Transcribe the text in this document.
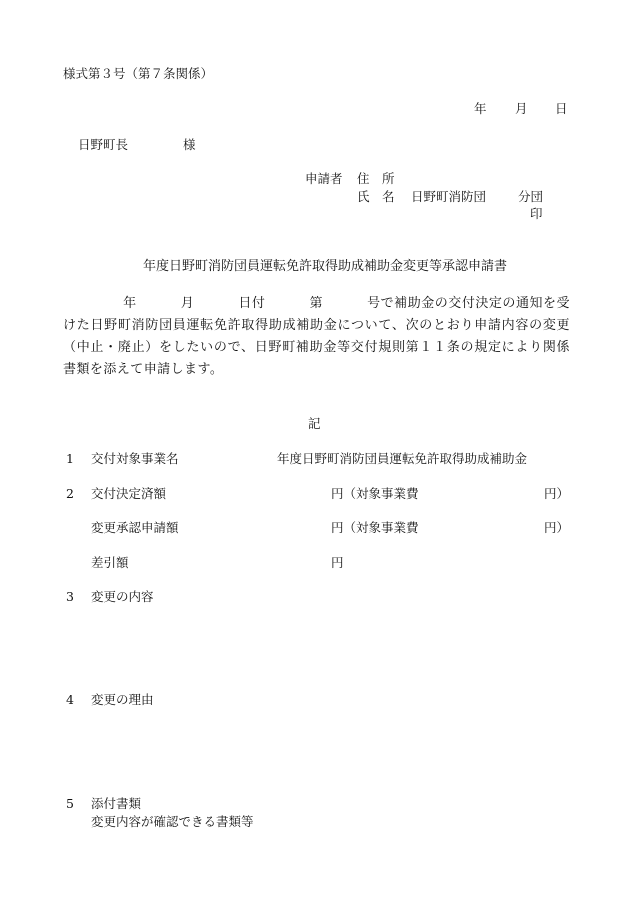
様式第３号（第７条関係）
年 月 日
日野町長	様
申請者 住　所
氏　名 日野町消防団	分団
印
年度日野町消防団員運転免許取得助成補助金変更等承認申請書
年	月	日付	第	号で補助金の交付決定の通知を受けた日野町消防団員運転免許取得助成補助金について、次のとおり申請内容の変更（中止・廃止）をしたいので、日野町補助金等交付規則第１１条の規定により関係書類を添えて申請します。
記
1 交付対象事業名	年度日野町消防団員運転免許取得助成補助金
2 交付決定済額	円（対象事業費	円）
変更承認申請額	円（対象事業費	円）
差引額	円
3 変更の内容
4 変更の理由
5 添付書類
変更内容が確認できる書類等
